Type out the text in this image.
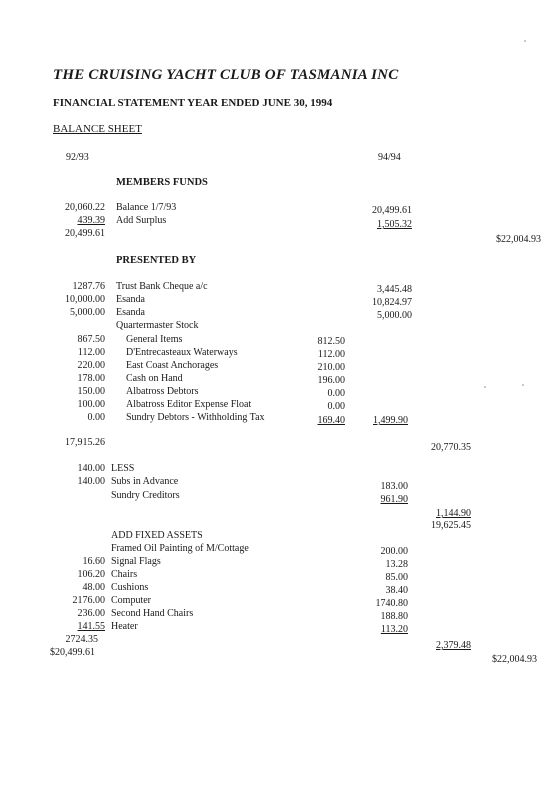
THE CRUISING YACHT CLUB OF TASMANIA INC
FINANCIAL STATEMENT YEAR ENDED JUNE 30, 1994
BALANCE SHEET
92/93	94/94
MEMBERS FUNDS
20,060.22 Balance 1/7/93	20,499.61
439.39 Add Surplus	1,505.32
20,499.61
$22,004.93
PRESENTED BY
1287.76 Trust Bank Cheque a/c	3,445.48
10,000.00 Esanda	10,824.97
5,000.00 Esanda	5,000.00
Quartermaster Stock
867.50 General Items	812.50
112.00 D'Entrecasteaux Waterways	112.00
220.00 East Coast Anchorages	210.00
178.00 Cash on Hand	196.00
150.00 Albatross Debtors	0.00
100.00 Albatross Editor Expense Float	0.00
0.00 Sundry Debtors - Withholding Tax	169.40	1,499.90
17,915.26	20,770.35
140.00 LESS
140.00 Subs in Advance	183.00
Sundry Creditors	961.90
1,144.90
19,625.45
ADD FIXED ASSETS
Framed Oil Painting of M/Cottage	200.00
16.60 Signal Flags	13.28
106.20 Chairs	85.00
48.00 Cushions	38.40
2176.00 Computer	1740.80
236.00 Second Hand Chairs	188.80
141.55 Heater	113.20
2724.35
2,379.48
$20,499.61
$22,004.93
